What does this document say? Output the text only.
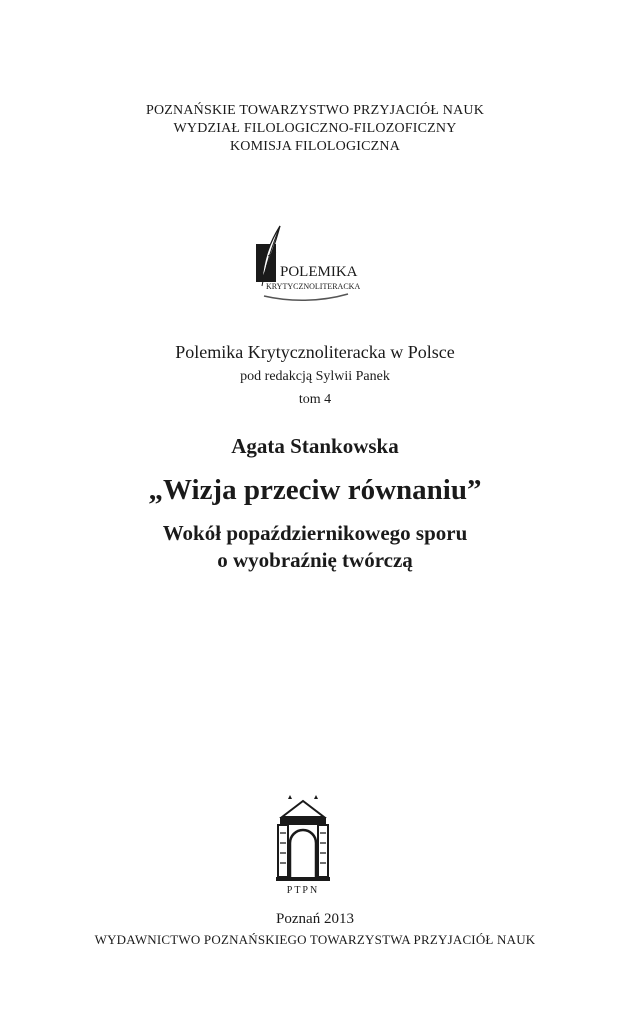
POZNAŃSKIE TOWARZYSTWO PRZYJACIÓŁ NAUK
WYDZIAŁ FILOLOGICZNO-FILOZOFICZNY
KOMISJA FILOLOGICZNA
POLEMIKA
KRYTYCZNOLITERACKA
Polemika Krytycznoliteracka w Polsce
pod redakcją Sylwii Panek
tom 4
Agata Stankowska
„Wizja przeciw równaniu”
Wokół popaździernikowego sporu
o wyobraźnię twórczą
PTPN
Poznań 2013
WYDAWNICTWO POZNAŃSKIEGO TOWARZYSTWA PRZYJACIÓŁ NAUK
